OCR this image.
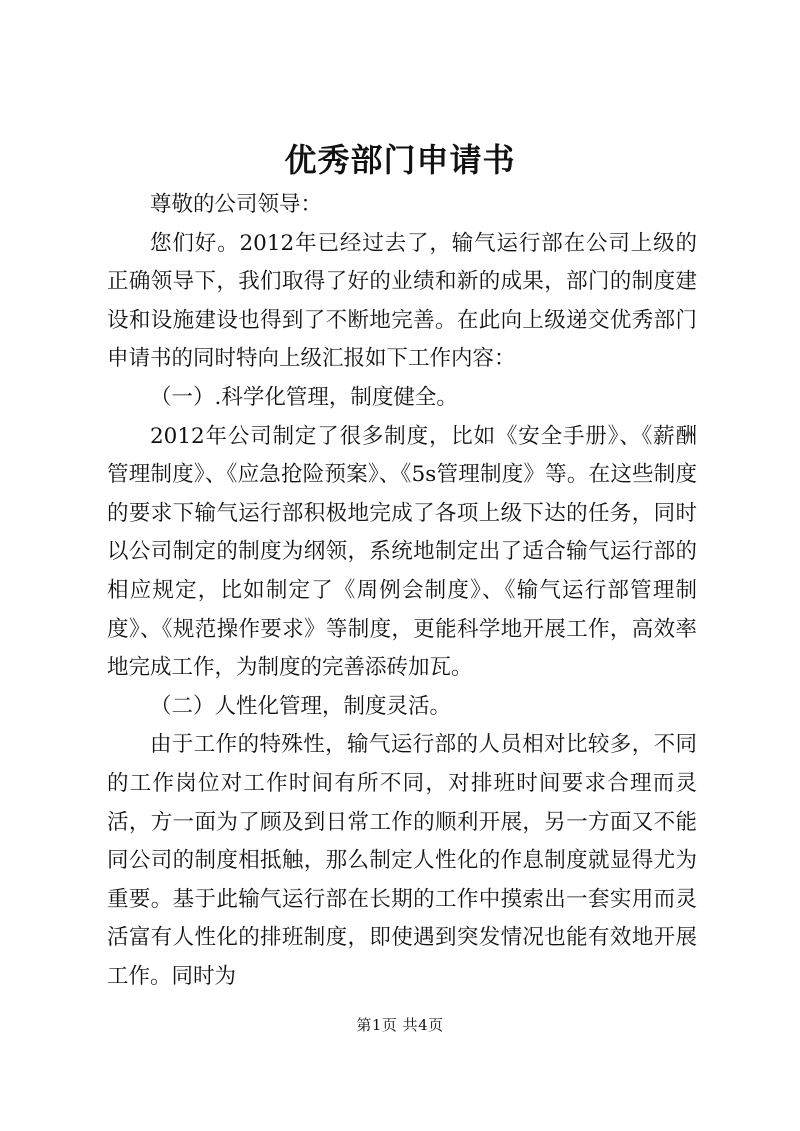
优秀部门申请书

尊敬的公司领导：

您们好。2012年已经过去了，输气运行部在公司上级的正确领导下，我们取得了好的业绩和新的成果，部门的制度建设和设施建设也得到了不断地完善。在此向上级递交优秀部门申请书的同时特向上级汇报如下工作内容：

（一）.科学化管理，制度健全。

2012年公司制定了很多制度，比如《安全手册》、《薪酬管理制度》、《应急抢险预案》、《5s管理制度》等。在这些制度的要求下输气运行部积极地完成了各项上级下达的任务，同时以公司制定的制度为纲领，系统地制定出了适合输气运行部的相应规定，比如制定了《周例会制度》、《输气运行部管理制度》、《规范操作要求》等制度，更能科学地开展工作，高效率地完成工作，为制度的完善添砖加瓦。

（二）人性化管理，制度灵活。

由于工作的特殊性，输气运行部的人员相对比较多，不同的工作岗位对工作时间有所不同，对排班时间要求合理而灵活，方一面为了顾及到日常工作的顺利开展，另一方面又不能同公司的制度相抵触，那么制定人性化的作息制度就显得尤为重要。基于此输气运行部在长期的工作中摸索出一套实用而灵活富有人性化的排班制度，即使遇到突发情况也能有效地开展工作。同时为

第1页 共4页
